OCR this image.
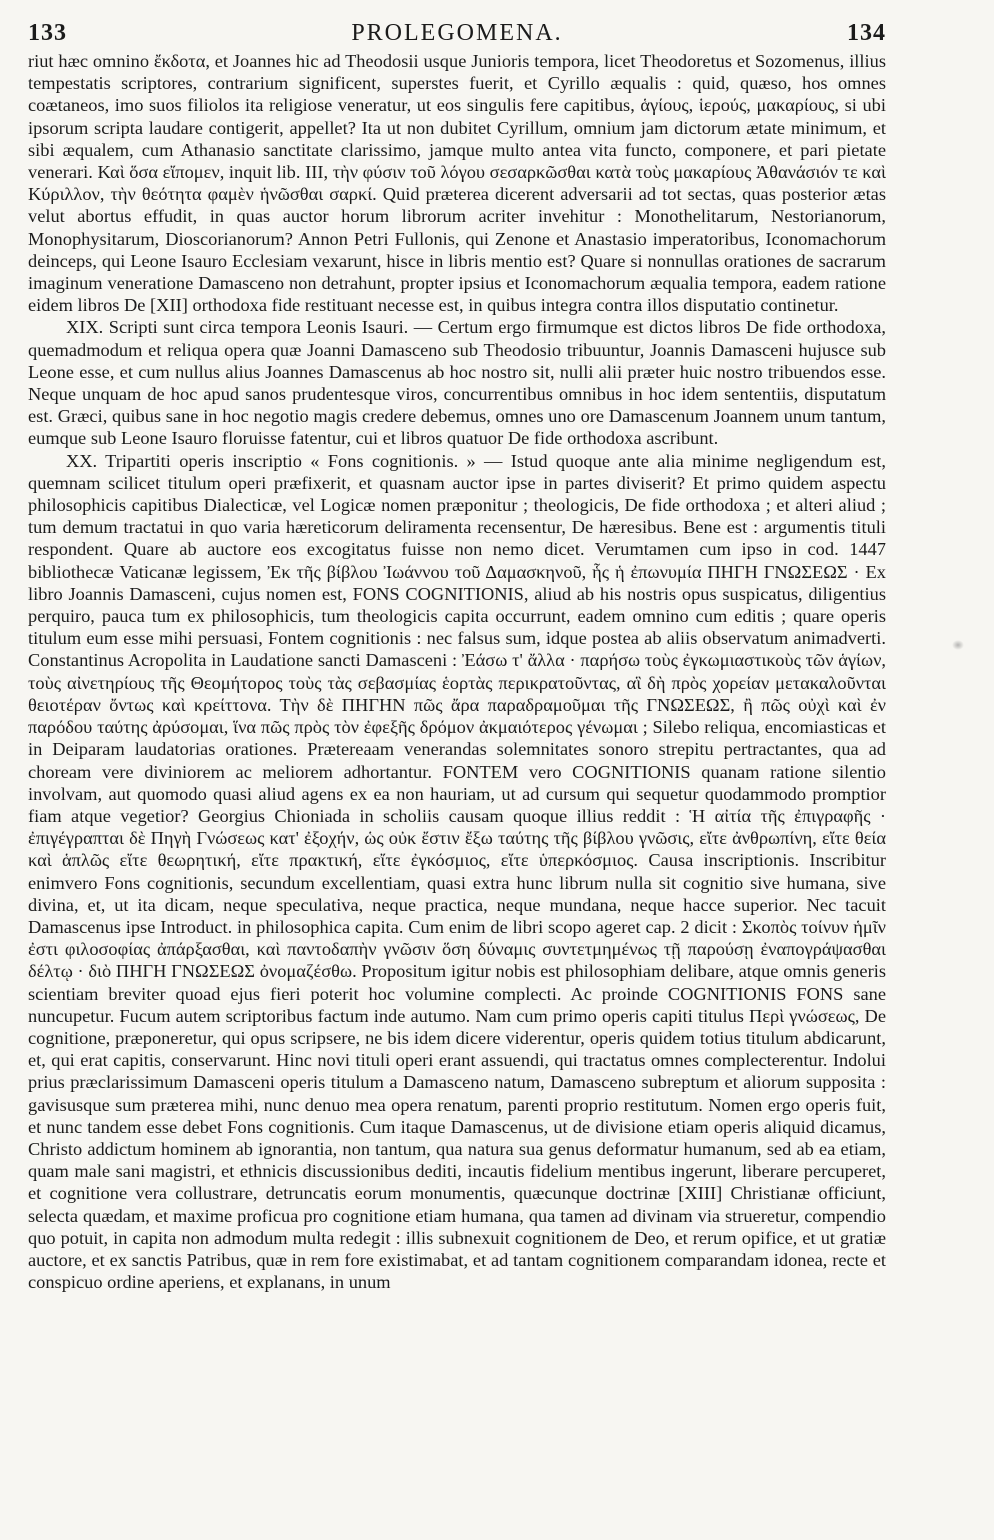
133	PROLEGOMENA.	134

riut hæc omnino ἔκδοτα, et Joannes hic ad Theodosii usque Junioris tempora, licet Theodoretus et Sozomenus, illius tempestatis scriptores, contrarium significent, superstes fuerit, et Cyrillo æqualis : quid, quæso, hos omnes coætaneos, imo suos filiolos ita religiose veneratur, ut eos singulis fere capitibus, ἁγίους, ἱερούς, μακαρίους, si ubi ipsorum scripta laudare contigerit, appellet? Ita ut non dubitet Cyrillum, omnium jam dictorum ætate minimum, et sibi æqualem, cum Athanasio sanctitate clarissimo, jamque multo antea vita functo, componere, et pari pietate venerari. Καὶ ὅσα εἴπομεν, inquit lib. III, τὴν φύσιν τοῦ λόγου σεσαρκῶσθαι κατὰ τοὺς μακαρίους Ἀθανάσιόν τε καὶ Κύριλλον, τὴν θεότητα φαμὲν ἡνῶσθαι σαρκί. Quid præterea dicerent adversarii ad tot sectas, quas posterior ætas velut abortus effudit, in quas auctor horum librorum acriter invehitur : Monothelitarum, Nestorianorum, Monophysitarum, Dioscorianorum? Annon Petri Fullonis, qui Zenone et Anastasio imperatoribus, Iconomachorum deinceps, qui Leone Isauro Ecclesiam vexarunt, hisce in libris mentio est? Quare si nonnullas orationes de sacrarum imaginum veneratione Damasceno non detrahunt, propter ipsius et Iconomachorum æqualia tempora, eadem ratione eidem libros De [XII] orthodoxa fide restituant necesse est, in quibus integra contra illos disputatio continetur.

XIX. Scripti sunt circa tempora Leonis Isauri. — Certum ergo firmumque est dictos libros De fide orthodoxa, quemadmodum et reliqua opera quæ Joanni Damasceno sub Theodosio tribuuntur, Joannis Damasceni hujusce sub Leone esse, et cum nullus alius Joannes Damascenus ab hoc nostro sit, nulli alii præter huic nostro tribuendos esse. Neque unquam de hoc apud sanos prudentesque viros, concurrentibus omnibus in hoc idem sententiis, disputatum est. Græci, quibus sane in hoc negotio magis credere debemus, omnes uno ore Damascenum Joannem unum tantum, eumque sub Leone Isauro floruisse fatentur, cui et libros quatuor De fide orthodoxa ascribunt.

XX. Tripartiti operis inscriptio « Fons cognitionis. » — Istud quoque ante alia minime negligendum est, quemnam scilicet titulum operi præfixerit, et quasnam auctor ipse in partes diviserit? Et primo quidem aspectu philosophicis capitibus Dialecticæ, vel Logicæ nomen præponitur ; theologicis, De fide orthodoxa ; et alteri aliud ; tum demum tractatui in quo varia hæreticorum deliramenta recensentur, De hæresibus. Bene est : argumentis tituli respondent. Quare ab auctore eos excogitatus fuisse non nemo dicet. Verumtamen cum ipso in cod. 1447 bibliothecæ Vaticanæ legissem, Ἐκ τῆς βίβλου Ἰωάννου τοῦ Δαμασκηνοῦ, ἧς ἡ ἐπωνυμία ΠΗΓΗ ΓΝΩΣΕΩΣ · Ex libro Joannis Damasceni, cujus nomen est, FONS COGNITIONIS, aliud ab his nostris opus suspicatus, diligentius perquiro, pauca tum ex philosophicis, tum theologicis capita occurrunt, eadem omnino cum editis ; quare operis titulum eum esse mihi persuasi, Fontem cognitionis : nec falsus sum, idque postea ab aliis observatum animadverti. Constantinus Acropolita in Laudatione sancti Damasceni : Ἐάσω τ' ἄλλα · παρήσω τοὺς ἐγκωμιαστικοὺς τῶν ἁγίων, τοὺς αἰνετηρίους τῆς Θεομήτορος τοὺς τὰς σεβασμίας ἑορτὰς περικρατοῦντας, αἳ δὴ πρὸς χορείαν μετακαλοῦνται θειοτέραν ὄντως καὶ κρείττονα. Τὴν δὲ ΠΗΓΗΝ πῶς ἄρα παραδραμοῦμαι τῆς ΓΝΩΣΕΩΣ, ἢ πῶς οὐχὶ καὶ ἐν παρόδου ταύτης ἀρύσομαι, ἵνα πῶς πρὸς τὸν ἐφεξῆς δρόμον ἀκμαιότερος γένωμαι ; Silebo reliqua, encomiasticas et in Deiparam laudatorias orationes. Prætereaam venerandas solemnitates sonoro strepitu pertractantes, qua ad choream vere diviniorem ac meliorem adhortantur. FONTEM vero COGNITIONIS quanam ratione silentio involvam, aut quomodo quasi aliud agens ex ea non hauriam, ut ad cursum qui sequetur quodammodo promptior fiam atque vegetior? Georgius Chioniada in scholiis causam quoque illius reddit : Ἡ αἰτία τῆς ἐπιγραφῆς · ἐπιγέγραπται δὲ Πηγὴ Γνώσεως κατ' ἐξοχήν, ὡς οὐκ ἔστιν ἔξω ταύτης τῆς βίβλου γνῶσις, εἴτε ἀνθρωπίνη, εἴτε θεία καὶ ἁπλῶς εἴτε θεωρητική, εἴτε πρακτική, εἴτε ἐγκόσμιος, εἴτε ὑπερκόσμιος. Causa inscriptionis. Inscribitur enimvero Fons cognitionis, secundum excellentiam, quasi extra hunc librum nulla sit cognitio sive humana, sive divina, et, ut ita dicam, neque speculativa, neque practica, neque mundana, neque hacce superior. Nec tacuit Damascenus ipse Introduct. in philosophica capita. Cum enim de libri scopo ageret cap. 2 dicit : Σκοπὸς τοίνυν ἡμῖν ἐστι φιλοσοφίας ἀπάρξασθαι, καὶ παντοδαπὴν γνῶσιν ὅση δύναμις συντετμημένως τῇ παρούσῃ ἐναπογράψασθαι δέλτῳ · διὸ ΠΗΓΗ ΓΝΩΣΕΩΣ ὀνομαζέσθω. Propositum igitur nobis est philosophiam delibare, atque omnis generis scientiam breviter quoad ejus fieri poterit hoc volumine complecti. Ac proinde COGNITIONIS FONS sane nuncupetur. Fucum autem scriptoribus factum inde autumo. Nam cum primo operis capiti titulus Περὶ γνώσεως, De cognitione, præponeretur, qui opus scripsere, ne bis idem dicere viderentur, operis quidem totius titulum abdicarunt, et, qui erat capitis, conservarunt. Hinc novi tituli operi erant assuendi, qui tractatus omnes complecterentur. Indolui prius præclarissimum Damasceni operis titulum a Damasceno natum, Damasceno subreptum et aliorum supposita : gavisusque sum præterea mihi, nunc denuo mea opera renatum, parenti proprio restitutum. Nomen ergo operis fuit, et nunc tandem esse debet Fons cognitionis. Cum itaque Damascenus, ut de divisione etiam operis aliquid dicamus, Christo addictum hominem ab ignorantia, non tantum, qua natura sua genus deformatur humanum, sed ab ea etiam, quam male sani magistri, et ethnicis discussionibus dediti, incautis fidelium mentibus ingerunt, liberare percuperet, et cognitione vera collustrare, detruncatis eorum monumentis, quæcunque doctrinæ [XIII] Christianæ officiunt, selecta quædam, et maxime proficua pro cognitione etiam humana, qua tamen ad divinam via strueretur, compendio quo potuit, in capita non admodum multa redegit : illis subnexuit cognitionem de Deo, et rerum opifice, et ut gratiæ auctore, et ex sanctis Patribus, quæ in rem fore existimabat, et ad tantam cognitionem comparandam idonea, recte et conspicuo ordine aperiens, et explanans, in unum
